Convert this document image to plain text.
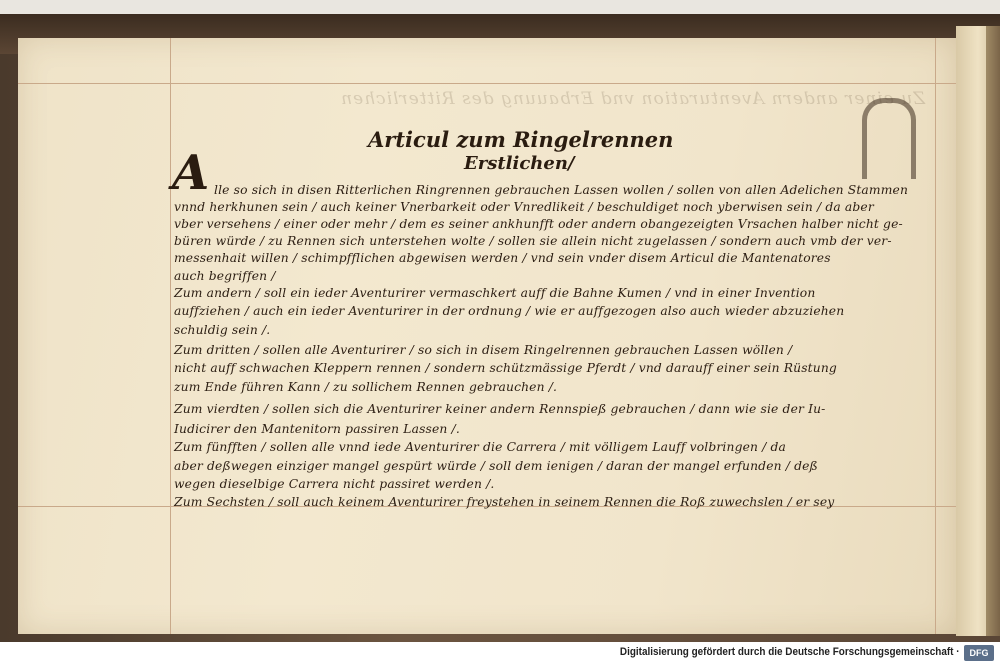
Zu einer andern Aventuration vnd Erbauung des Ritterlichen
Articul zum Ringelrennen
Erstlichen/
A lle so sich in disen Ritterlichen Ringrennen gebrauchen Lassen wollen / sollen von allen Adelichen Stammen
vnnd herkhunen sein / auch keiner Vnerbarkeit oder Vnredlikeit / beschuldiget noch yberwisen sein / da aber
vber versehens / einer oder mehr / dem es seiner ankhunfft oder andern obangezeigten Vrsachen halber nicht ge-
büren würde / zu Rennen sich unterstehen wolte / sollen sie allein nicht zugelassen / sondern auch vmb der ver-
messenhait willen / schimpfflichen abgewisen werden / vnd sein vnder disem Articul die Mantenatores
auch begriffen /
Zum andern / soll ein ieder Aventurirer vermaschkert auff die Bahne Kumen / vnd in einer Invention
auffziehen / auch ein ieder Aventurirer in der ordnung / wie er auffgezogen also auch wieder abzuziehen
schuldig sein /.
Zum dritten / sollen alle Aventurirer / so sich in disem Ringelrennen gebrauchen Lassen wöllen /
nicht auff schwachen Kleppern rennen / sondern schützmässige Pferdt / vnd darauff einer sein Rüstung
zum Ende führen Kann / zu sollichem Rennen gebrauchen /.
Zum vierdten / sollen sich die Aventurirer keiner andern Rennspieß gebrauchen / dann wie sie der Iu-
Iudicirer den Mantenitorn passiren Lassen /.
Zum fünfften / sollen alle vnnd iede Aventurirer die Carrera / mit völligem Lauff volbringen / da
aber deßwegen einziger mangel gespürt würde / soll dem ienigen / daran der mangel erfunden / deß
wegen dieselbige Carrera nicht passiret werden /.
Zum Sechsten / soll auch keinem Aventurirer freystehen in seinem Rennen die Roß zuwechslen / er sey
Digitalisierung gefördert durch die Deutsche Forschungsgemeinschaft ·	DFG
